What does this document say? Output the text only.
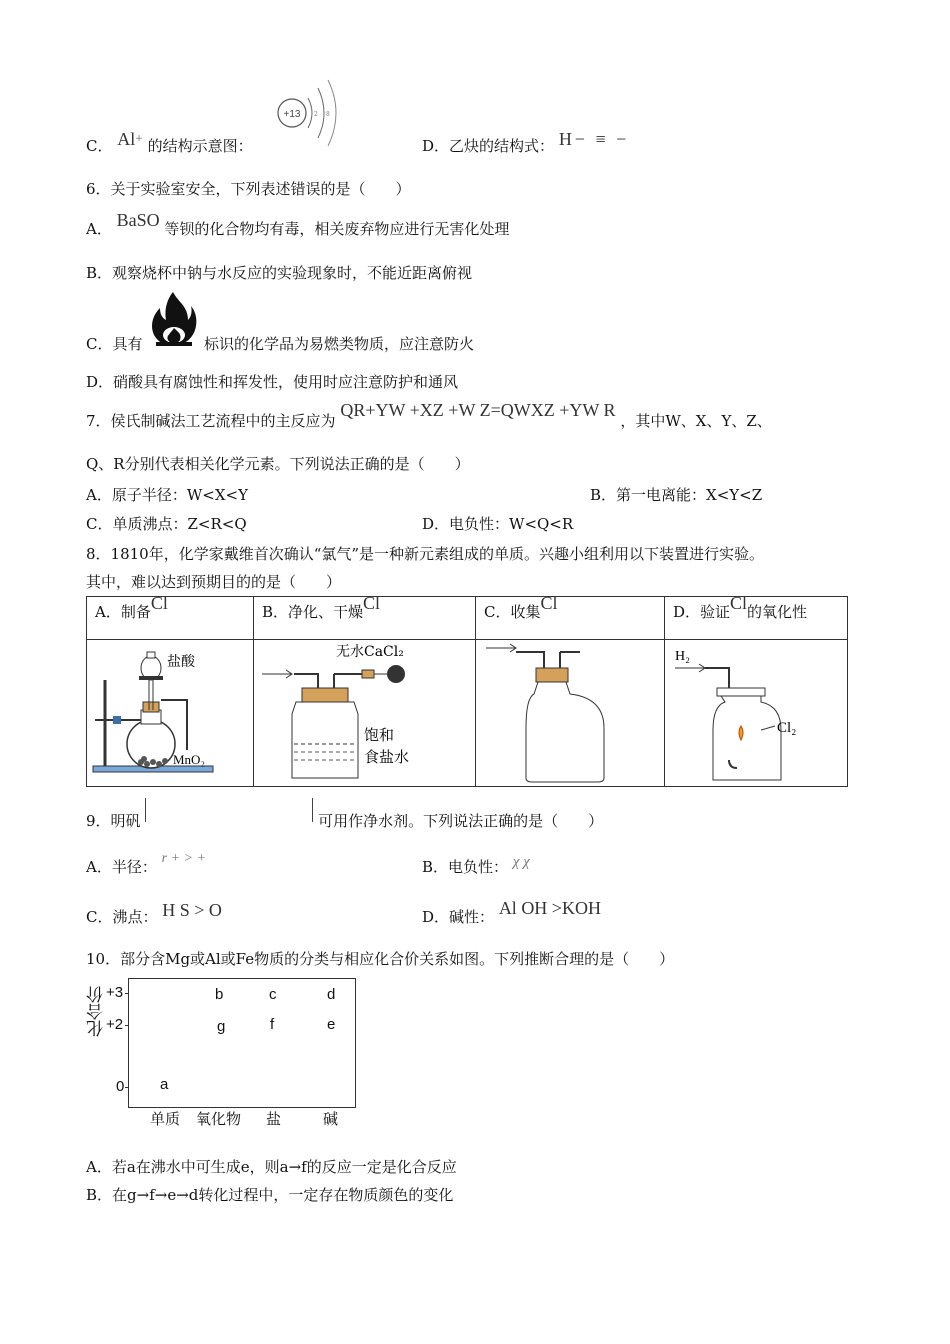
C． Al+ 的结构示意图：
+13 2 8
D．乙炔的结构式： H− ≡ −
6．关于实验室安全，下列表述错误的是（　　）
A． BaSO 等钡的化合物均有毒，相关废弃物应进行无害化处理
B．观察烧杯中钠与水反应的实验现象时，不能近距离俯视
C．具有	标识的化学品为易燃类物质，应注意防火
D．硝酸具有腐蚀性和挥发性，使用时应注意防护和通风
7．侯氏制碱法工艺流程中的主反应为 QR+YW +XZ +W Z=QWXZ +YW R ，其中W、X、Y、Z、
Q、R分别代表相关化学元素。下列说法正确的是（　　）
A．原子半径：W<X<Y	B．第一电离能：X<Y<Z
C．单质沸点：Z<R<Q	D．电负性：W<Q<R
8．1810年，化学家戴维首次确认“氯气”是一种新元素组成的单质。兴趣小组利用以下装置进行实验。
其中，难以达到预期目的的是（　　）
A．制备Cl	B．净化、干燥Cl	C．收集Cl	D．验证Cl的氧化性

盐酸
MnO₂	无水CaCl₂
饱和
食盐水		H₂
Cl₂
9．明矾	可用作净水剂。下列说法正确的是（　　）
A．半径： r + > +	B．电负性： χ χ
C．沸点： H S > O	D．碱性： Al OH >KOH
10．部分含Mg或Al或Fe物质的分类与相应化合价关系如图。下列推断合理的是（　　）
化合价 +3
+2
0
b	c	d
g	f	e
a
单质 氧化物 盐	碱
A．若a在沸水中可生成e，则a→f的反应一定是化合反应
B．在g→f→e→d转化过程中，一定存在物质颜色的变化
